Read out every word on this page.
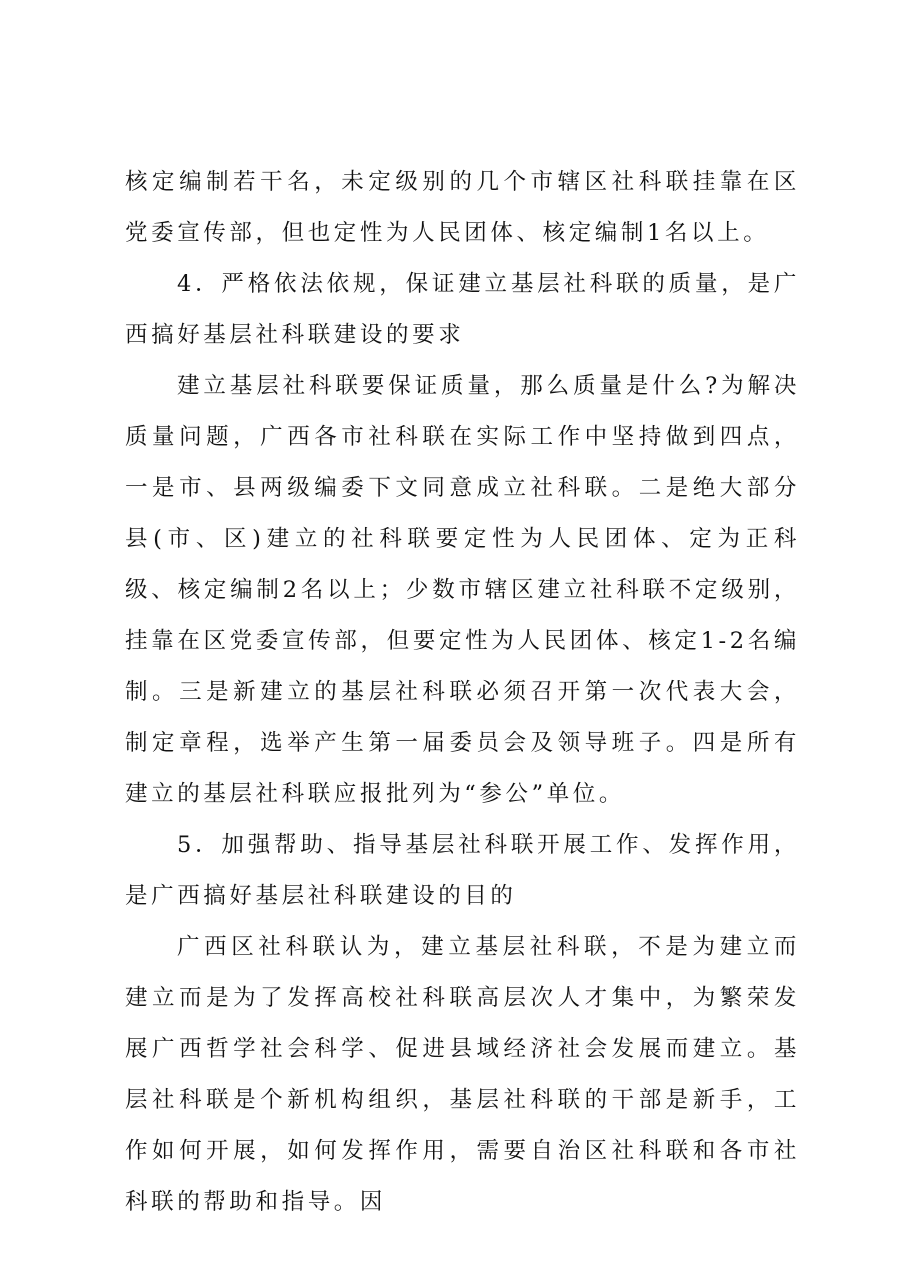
核定编制若干名，未定级别的几个市辖区社科联挂靠在区党委宣传部，但也定性为人民团体、核定编制1名以上。

4．严格依法依规，保证建立基层社科联的质量，是广西搞好基层社科联建设的要求

建立基层社科联要保证质量，那么质量是什么?为解决质量问题，广西各市社科联在实际工作中坚持做到四点，一是市、县两级编委下文同意成立社科联。二是绝大部分县(市、区)建立的社科联要定性为人民团体、定为正科级、核定编制2名以上；少数市辖区建立社科联不定级别，挂靠在区党委宣传部，但要定性为人民团体、核定1-2名编制。三是新建立的基层社科联必须召开第一次代表大会，制定章程，选举产生第一届委员会及领导班子。四是所有建立的基层社科联应报批列为“参公”单位。

5．加强帮助、指导基层社科联开展工作、发挥作用，是广西搞好基层社科联建设的目的

广西区社科联认为，建立基层社科联，不是为建立而建立而是为了发挥高校社科联高层次人才集中，为繁荣发展广西哲学社会科学、促进县域经济社会发展而建立。基层社科联是个新机构组织，基层社科联的干部是新手，工作如何开展，如何发挥作用，需要自治区社科联和各市社科联的帮助和指导。因
